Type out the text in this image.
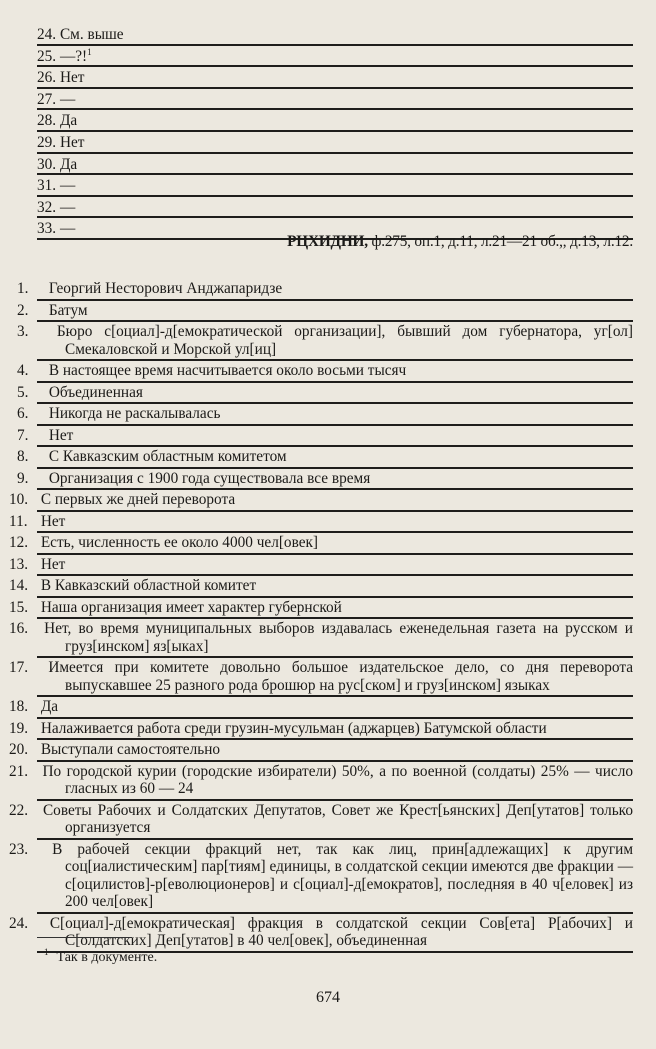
24. См. выше
25. —?!$^1$
26. Нет
27. —
28. Да
29. Нет
30. Да
31. —
32. —
33. —
РЦХИДНИ, ф.275, оп.1, д.11, л.21—21 об.,, д.13, л.12.
1. Георгий Несторович Анджапаридзе
2. Батум
3. Бюро с[оциал]-д[емократической организации], бывший дом губернатора, уг[ол] Смекаловской и Морской ул[иц]
4. В настоящее время насчитывается около восьми тысяч
5. Объединенная
6. Никогда не раскалывалась
7. Нет
8. С Кавказским областным комитетом
9. Организация с 1900 года существовала все время
10. С первых же дней переворота
11. Нет
12. Есть, численность ее около 4000 чел[овек]
13. Нет
14. В Кавказский областной комитет
15. Наша организация имеет характер губернской
16. Нет, во время муниципальных выборов издавалась еженедельная газета на русском и груз[инском] яз[ыках]
17. Имеется при комитете довольно большое издательское дело, со дня переворота выпускавшее 25 разного рода брошюр на рус[ском] и груз[инском] языках
18. Да
19. Налаживается работа среди грузин-мусульман (аджарцев) Батумской области
20. Выступали самостоятельно
21. По городской курии (городские избиратели) 50%, а по военной (солдаты) 25% — число гласных из 60 — 24
22. Советы Рабочих и Солдатских Депутатов, Совет же Крест[ьянских] Деп[утатов] только организуется
23. В рабочей секции фракций нет, так как лиц, прин[адлежащих] к другим соц[иалистическим] пар[тиям] единицы, в солдатской секции имеются две фракции — с[оцилистов]-р[еволюционеров] и с[оциал]-д[емократов], последняя в 40 ч[еловек] из 200 чел[овек]
24. С[оциал]-д[емократическая] фракция в солдатской секции Сов[ета] Р[абочих] и С[олдатских] Деп[утатов] в 40 чел[овек], объединенная
$^1$ Так в документе.
674
